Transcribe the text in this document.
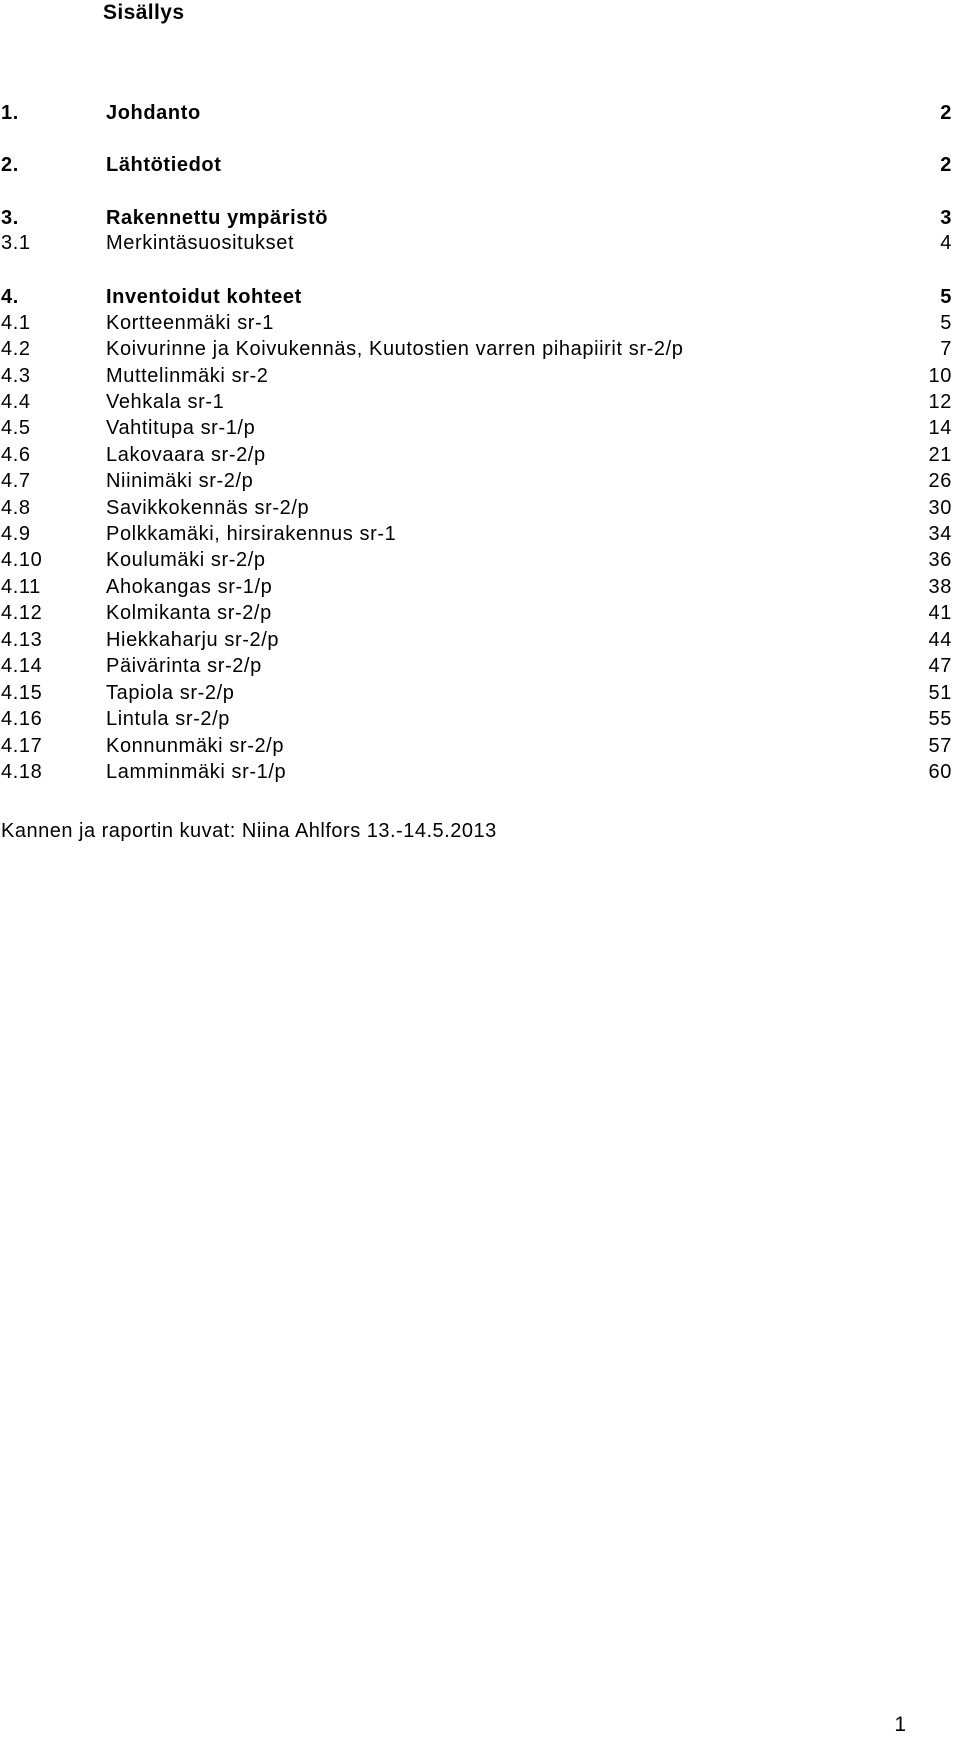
Sisällys
1.	Johdanto	2
2.	Lähtötiedot	2
3.	Rakennettu ympäristö	3
3.1	Merkintäsuositukset	4
4.	Inventoidut kohteet	5
4.1	Kortteenmäki sr-1	5
4.2	Koivurinne ja Koivukennäs, Kuutostien varren pihapiirit sr-2/p	7
4.3	Muttelinmäki sr-2	10
4.4	Vehkala sr-1	12
4.5	Vahtitupa sr-1/p	14
4.6	Lakovaara sr-2/p	21
4.7	Niinimäki sr-2/p	26
4.8	Savikkokennäs sr-2/p	30
4.9	Polkkamäki, hirsirakennus sr-1	34
4.10	Koulumäki sr-2/p	36
4.11	Ahokangas sr-1/p	38
4.12	Kolmikanta sr-2/p	41
4.13	Hiekkaharju sr-2/p	44
4.14	Päivärinta sr-2/p	47
4.15	Tapiola sr-2/p	51
4.16	Lintula sr-2/p	55
4.17	Konnunmäki sr-2/p	57
4.18	Lamminmäki sr-1/p	60
Kannen ja raportin kuvat: Niina Ahlfors 13.-14.5.2013
1
